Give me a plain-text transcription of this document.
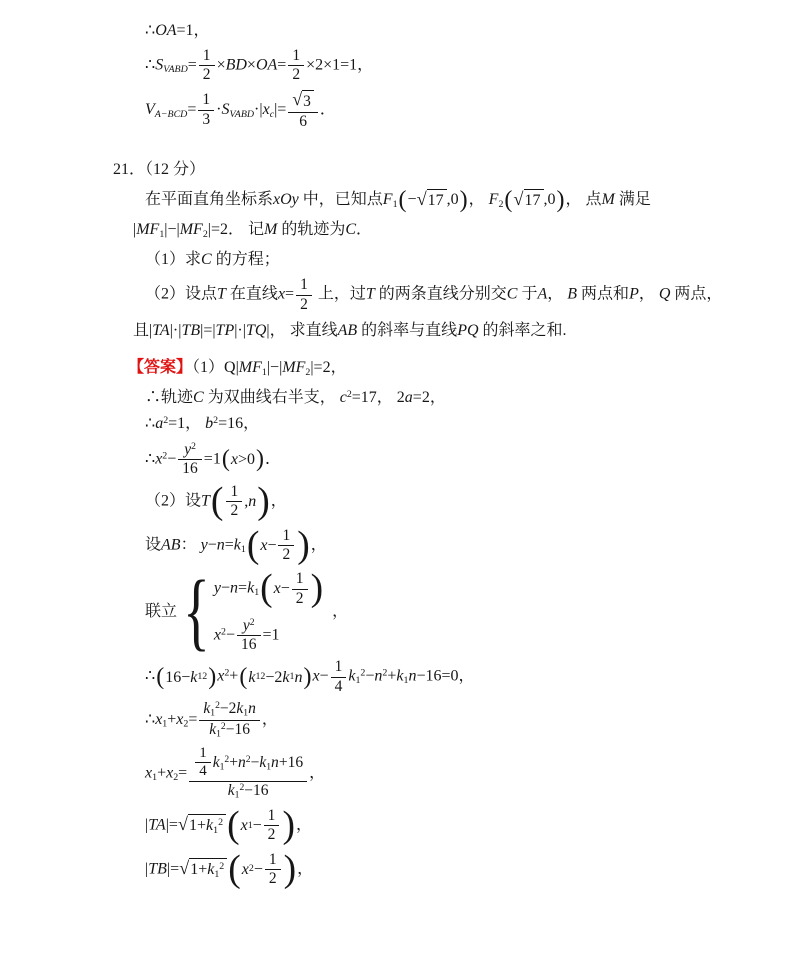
∴OA=1，
$\therefore S_{VABD}= \frac{1}{2} \times BD\times OA= \frac{1}{2} \times 2\times 1=1$，
$V_{A-BCD}= \frac{1}{3} \cdot S_{VABD}\cdot|x_c|= \frac{√ 3}{6}$ ．
21．（12 分）
在平面直角坐标系xOy 中，已知点$F_1$ ( − √ 17 ,0 ) ， $F_2$ ( √ 17 ,0 ) ， 点M 满足
$|MF_1|-|MF_2|=2$． 记M 的轨迹为C．
（1）求C 的方程；
（2）设点T 在直线$x= \frac{1}{2}$ 上，过T 的两条直线分别交C 于A， B 两点和P， Q 两点，
且|TA|·|TB|=|TP|·|TQ|， 求直线AB 的斜率与直线PQ 的斜率之和.
【答案】$(1)Q|MF_1|-|MF_2|=2$，
∴轨迹C 为双曲线右半支， $c^2=17$， 2a=2，
$\therefore a^2=1$， $b^2=16$，
$\therefore x^2- \frac{y^2}{16} =1$ ( x >0 ) ．
（2）设T ( $\frac{1}{2}$ , n ) ，
设AB： $y-n=k_1$ ( $x - \frac{1}{2}$ ) ，
联立 { $y-n=k_1$ ( $x - \frac{1}{2}$ )
$x^2- \frac{y^2}{16} =1$
，
∴ ( 16− k 1 2 ) $x^2+$ ( k 1 2 −2 k 1 n ) $x- \frac{1}{4} k_1^2-n^2+k_1n-16=0$，
$\therefore x_1+x_2= \frac{k_1^2-2k_1n}{k_1^2-16}$ ，
$x_1+x_2= \frac{\frac{1}{4} k_1^2+n^2-k_1n+16}{k_1^2-16}$ ，
|TA|= √ $1+k_1^2$ ( x $1 - \frac{1}{2}$ ) ，
|TB|= √ $1+k_1^2$ ( x $2 - \frac{1}{2}$ ) ，
